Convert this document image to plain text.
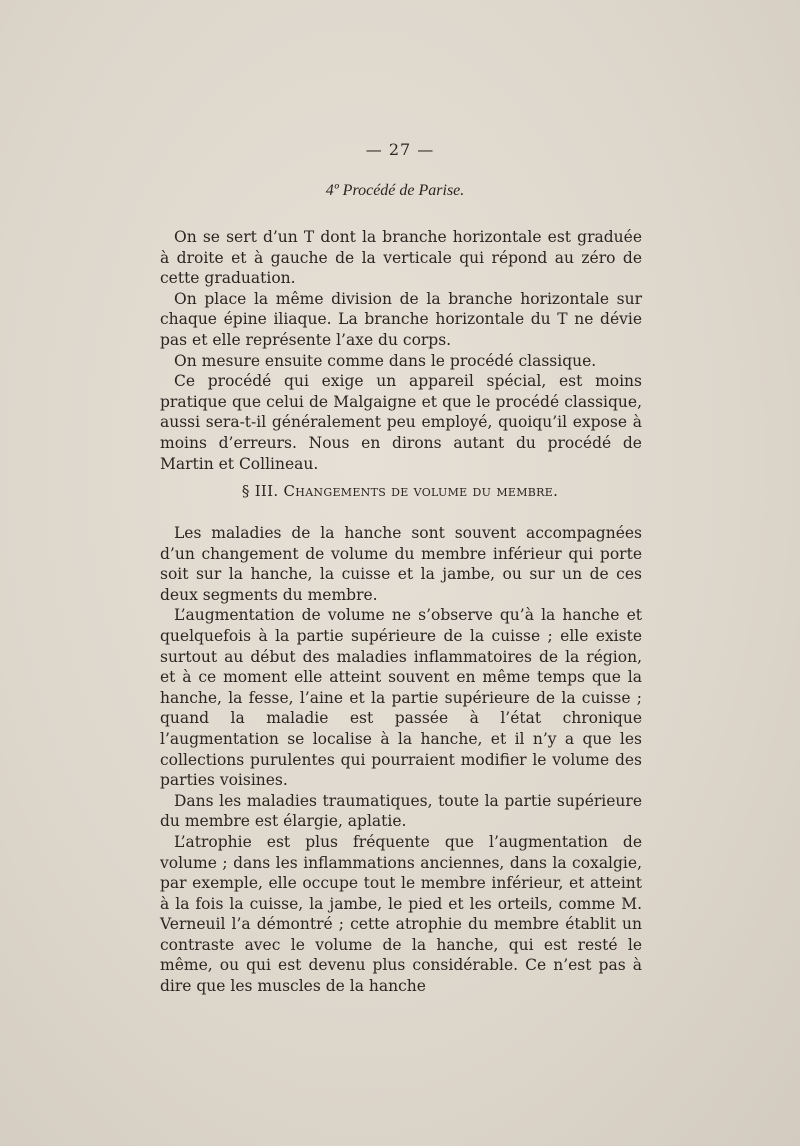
— 27 —
4º Procédé de Parise.

On se sert d’un T dont la branche horizontale est graduée à droite et à gauche de la verticale qui répond au zéro de cette graduation.

On place la même division de la branche horizontale sur chaque épine iliaque. La branche horizontale du T ne dévie pas et elle représente l’axe du corps.

On mesure ensuite comme dans le procédé classique.

Ce procédé qui exige un appareil spécial, est moins pratique que celui de Malgaigne et que le procédé classique, aussi sera-t-il généralement peu employé, quoiqu’il expose à moins d’erreurs. Nous en dirons autant du procédé de Martin et Collineau.

§ III. Changements de volume du membre.

Les maladies de la hanche sont souvent accompagnées d’un changement de volume du membre inférieur qui porte soit sur la hanche, la cuisse et la jambe, ou sur un de ces deux segments du membre.

L’augmentation de volume ne s’observe qu’à la hanche et quelquefois à la partie supérieure de la cuisse ; elle existe surtout au début des maladies inflammatoires de la région, et à ce moment elle atteint souvent en même temps que la hanche, la fesse, l’aine et la partie supérieure de la cuisse ; quand la maladie est passée à l’état chronique l’augmentation se localise à la hanche, et il n’y a que les collections purulentes qui pourraient modifier le volume des parties voisines.

Dans les maladies traumatiques, toute la partie supérieure du membre est élargie, aplatie.

L’atrophie est plus fréquente que l’augmentation de volume ; dans les inflammations anciennes, dans la coxalgie, par exemple, elle occupe tout le membre inférieur, et atteint à la fois la cuisse, la jambe, le pied et les orteils, comme M. Verneuil l’a démontré ; cette atrophie du membre établit un contraste avec le volume de la hanche, qui est resté le même, ou qui est devenu plus considérable. Ce n’est pas à dire que les muscles de la hanche
